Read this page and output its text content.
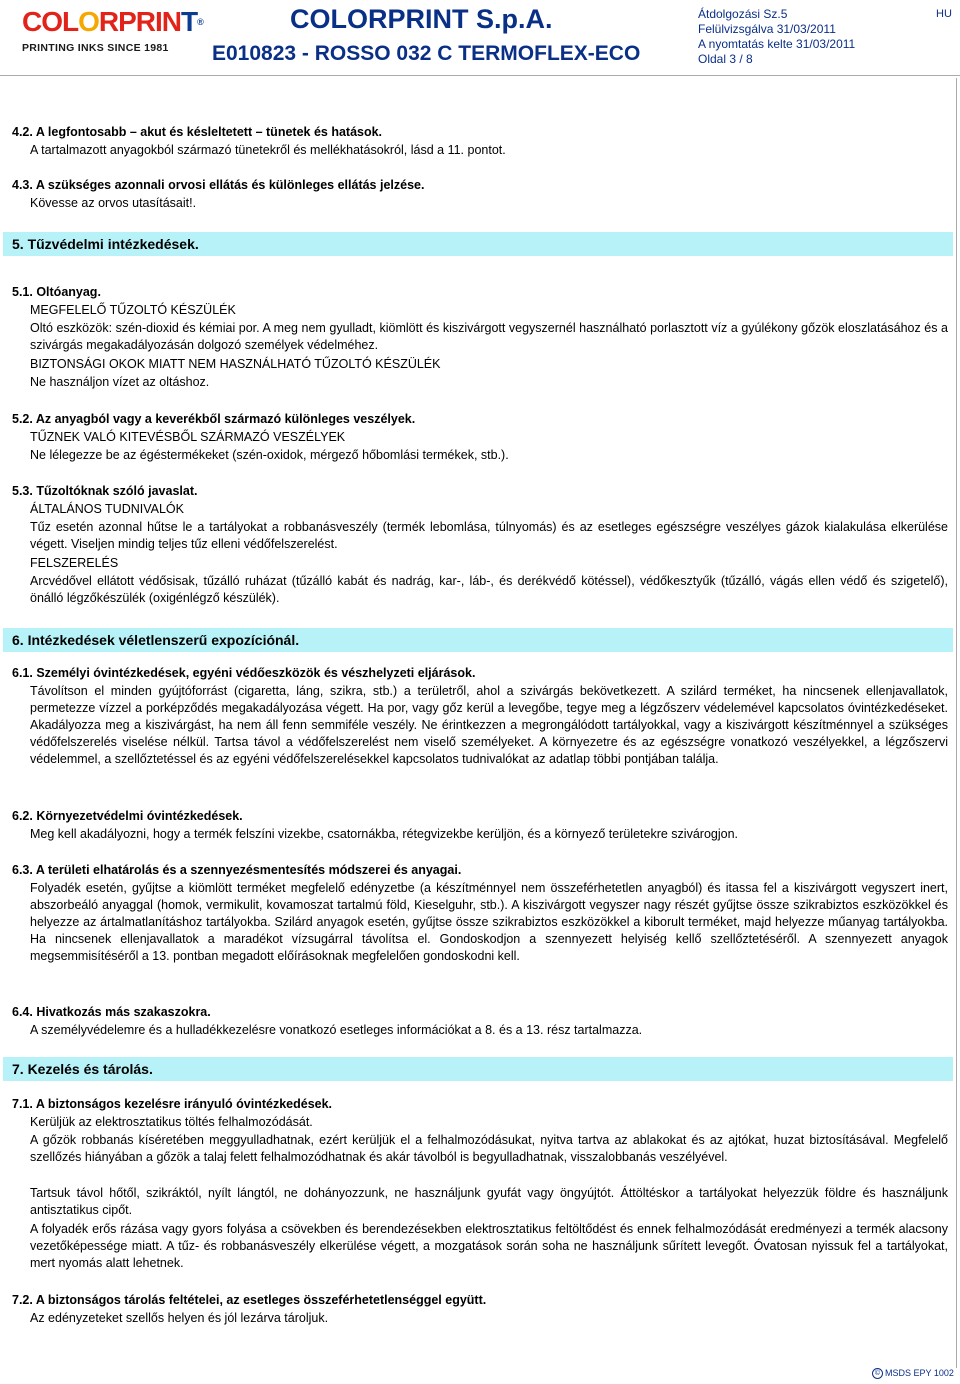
COLORPRINT®
PRINTING INKS SINCE 1981
COLORPRINT S.p.A.
E010823 - ROSSO 032 C TERMOFLEX-ECO
Átdolgozási Sz.5
Felülvizsgálva 31/03/2011
A nyomtatás kelte 31/03/2011
Oldal 3 / 8
HU
4.2. A legfontosabb – akut és késleltetett – tünetek és hatások.
A tartalmazott anyagokból származó tünetekről és mellékhatásokról, lásd a 11. pontot.
4.3. A szükséges azonnali orvosi ellátás és különleges ellátás jelzése.
Kövesse az orvos utasításait!.
5. Tűzvédelmi intézkedések.
5.1. Oltóanyag.
MEGFELELŐ TŰZOLTÓ KÉSZÜLÉK
Oltó eszközök: szén-dioxid és kémiai por. A meg nem gyulladt, kiömlött és kiszivárgott vegyszernél használható porlasztott víz a gyúlékony gőzök eloszlatásához és a szivárgás megakadályozásán dolgozó személyek védelméhez.
BIZTONSÁGI OKOK MIATT NEM HASZNÁLHATÓ TŰZOLTÓ KÉSZÜLÉK
Ne használjon vízet az oltáshoz.
5.2. Az anyagból vagy a keverékből származó különleges veszélyek.
TŰZNEK VALÓ KITEVÉSBŐL SZÁRMAZÓ VESZÉLYEK
Ne lélegezze be az égéstermékeket (szén-oxidok, mérgező hőbomlási termékek, stb.).
5.3. Tűzoltóknak szóló javaslat.
ÁLTALÁNOS TUDNIVALÓK
Tűz esetén azonnal hűtse le a tartályokat a robbanásveszély (termék lebomlása, túlnyomás) és az esetleges egészségre veszélyes gázok kialakulása elkerülése végett. Viseljen mindig teljes tűz elleni védőfelszerelést.
FELSZERELÉS
Arcvédővel ellátott védősisak, tűzálló ruházat (tűzálló kabát és nadrág, kar-, láb-, és derékvédő kötéssel), védőkesztyűk (tűzálló, vágás ellen védő és szigetelő), önálló légzőkészülék (oxigénlégző készülék).
6. Intézkedések véletlenszerű expozíciónál.
6.1. Személyi óvintézkedések, egyéni védőeszközök és vészhelyzeti eljárások.
Távolítson el minden gyújtóforrást (cigaretta, láng, szikra, stb.) a területről, ahol a szivárgás bekövetkezett. A szilárd terméket, ha nincsenek ellenjavallatok, permetezze vízzel a porképződés megakadályozása végett. Ha por, vagy gőz kerül a levegőbe, tegye meg a légzőszerv védelemével kapcsolatos óvintézkedéseket. Akadályozza meg a kiszivárgást, ha nem áll fenn semmiféle veszély. Ne érintkezzen a megrongálódott tartályokkal, vagy a kiszivárgott készítménnyel a szükséges védőfelszerelés viselése nélkül. Tartsa távol a védőfelszerelést nem viselő személyeket. A környezetre és az egészségre vonatkozó veszélyekkel, a légzőszervi védelemmel, a szellőztetéssel és az egyéni védőfelszerelésekkel kapcsolatos tudnivalókat az adatlap többi pontjában találja.
6.2. Környezetvédelmi óvintézkedések.
Meg kell akadályozni, hogy a termék felszíni vizekbe, csatornákba, rétegvizekbe kerüljön, és a környező területekre szivárogjon.
6.3. A területi elhatárolás és a szennyezésmentesítés módszerei és anyagai.
Folyadék esetén, gyűjtse a kiömlött terméket megfelelő edényzetbe (a készítménnyel nem összeférhetetlen anyagból) és itassa fel a kiszivárgott vegyszert inert, abszorbeáló anyaggal (homok, vermikulit, kovamoszat tartalmú föld, Kieselguhr, stb.). A kiszivárgott vegyszer nagy részét gyűjtse össze szikrabiztos eszközökkel és helyezze az ártalmatlanításhoz tartályokba. Szilárd anyagok esetén, gyűjtse össze szikrabiztos eszközökkel a kiborult terméket, majd helyezze műanyag tartályokba. Ha nincsenek ellenjavallatok a maradékot vízsugárral távolítsa el. Gondoskodjon a szennyezett helyiség kellő szellőztetéséről. A szennyezett anyagok megsemmisítéséről a 13. pontban megadott előírásoknak megfelelően gondoskodni kell.
6.4. Hivatkozás más szakaszokra.
A személyvédelemre és a hulladékkezelésre vonatkozó esetleges információkat a 8. és a 13. rész tartalmazza.
7. Kezelés és tárolás.
7.1. A biztonságos kezelésre irányuló óvintézkedések.
Kerüljük az elektrosztatikus töltés felhalmozódását.
A gőzök robbanás kíséretében meggyulladhatnak, ezért kerüljük el a felhalmozódásukat, nyitva tartva az ablakokat és az ajtókat, huzat biztosításával. Megfelelő szellőzés hiányában a gőzök a talaj felett felhalmozódhatnak és akár távolból is begyulladhatnak, visszalobbanás veszélyével.
Tartsuk távol hőtől, szikráktól, nyílt lángtól, ne dohányozzunk, ne használjunk gyufát vagy öngyújtót. Áttöltéskor a tartályokat helyezzük földre és használjunk antisztatikus cipőt.
A folyadék erős rázása vagy gyors folyása a csövekben és berendezésekben elektrosztatikus feltöltődést és ennek felhalmozódását eredményezi a termék alacsony vezetőképessége miatt. A tűz- és robbanásveszély elkerülése végett, a mozgatások során soha ne használjunk sűrített levegőt. Óvatosan nyissuk fel a tartályokat, mert nyomás alatt lehetnek.
7.2. A biztonságos tárolás feltételei, az esetleges összeférhetetlenséggel együtt.
Az edényzeteket szellős helyen és jól lezárva tároljuk.
© MSDS EPY 1002
